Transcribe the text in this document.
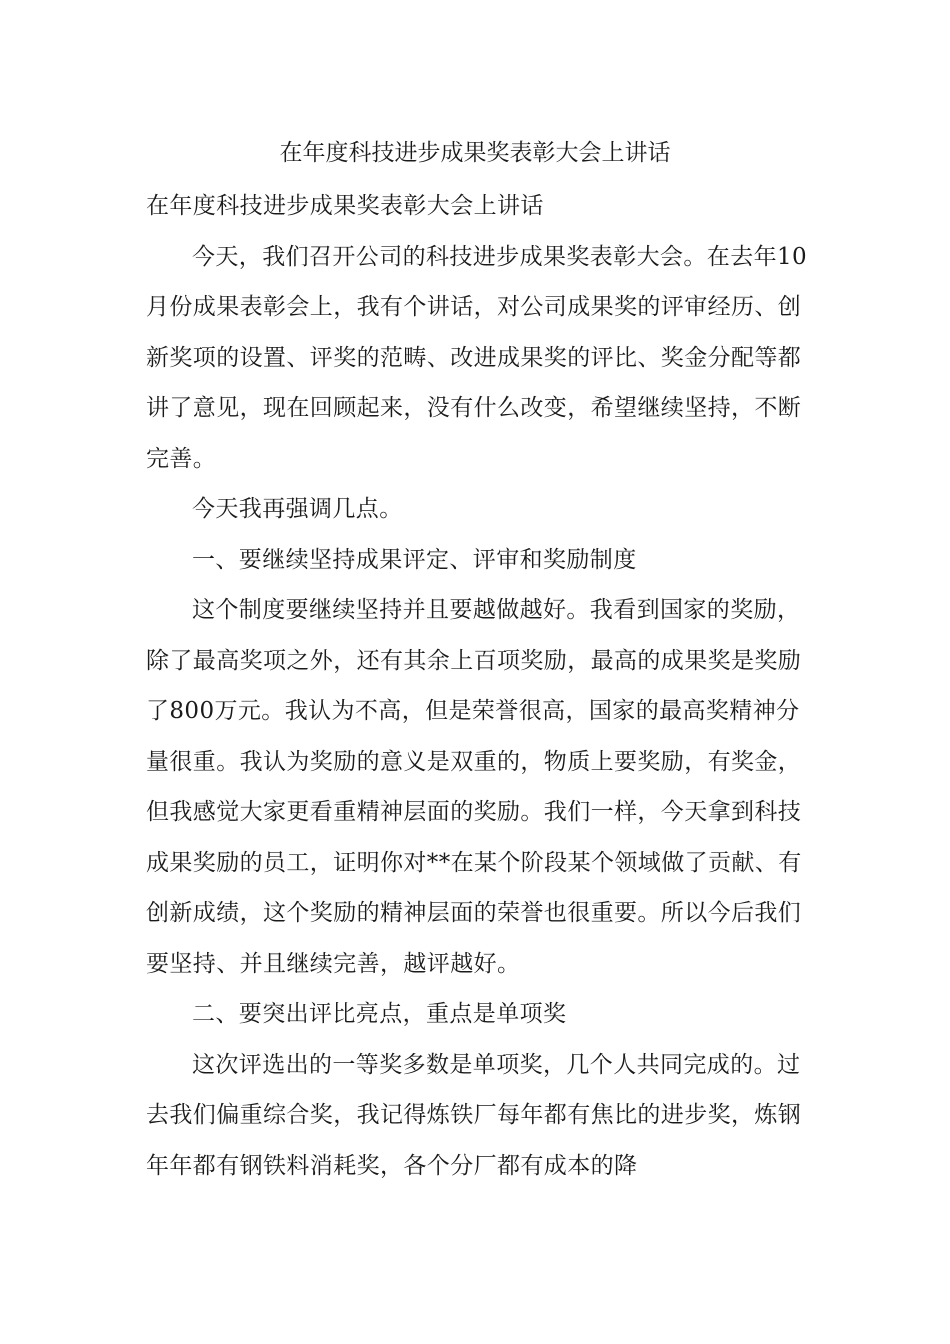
在年度科技进步成果奖表彰大会上讲话

在年度科技进步成果奖表彰大会上讲话

今天，我们召开公司的科技进步成果奖表彰大会。在去年10月份成果表彰会上，我有个讲话，对公司成果奖的评审经历、创新奖项的设置、评奖的范畴、改进成果奖的评比、奖金分配等都讲了意见，现在回顾起来，没有什么改变，希望继续坚持，不断完善。

今天我再强调几点。

一、要继续坚持成果评定、评审和奖励制度

这个制度要继续坚持并且要越做越好。我看到国家的奖励，除了最高奖项之外，还有其余上百项奖励，最高的成果奖是奖励了800万元。我认为不高，但是荣誉很高，国家的最高奖精神分量很重。我认为奖励的意义是双重的，物质上要奖励，有奖金，但我感觉大家更看重精神层面的奖励。我们一样，今天拿到科技成果奖励的员工，证明你对**在某个阶段某个领域做了贡献、有创新成绩，这个奖励的精神层面的荣誉也很重要。所以今后我们要坚持、并且继续完善，越评越好。

二、要突出评比亮点，重点是单项奖

这次评选出的一等奖多数是单项奖，几个人共同完成的。过去我们偏重综合奖，我记得炼铁厂每年都有焦比的进步奖，炼钢年年都有钢铁料消耗奖，各个分厂都有成本的降
